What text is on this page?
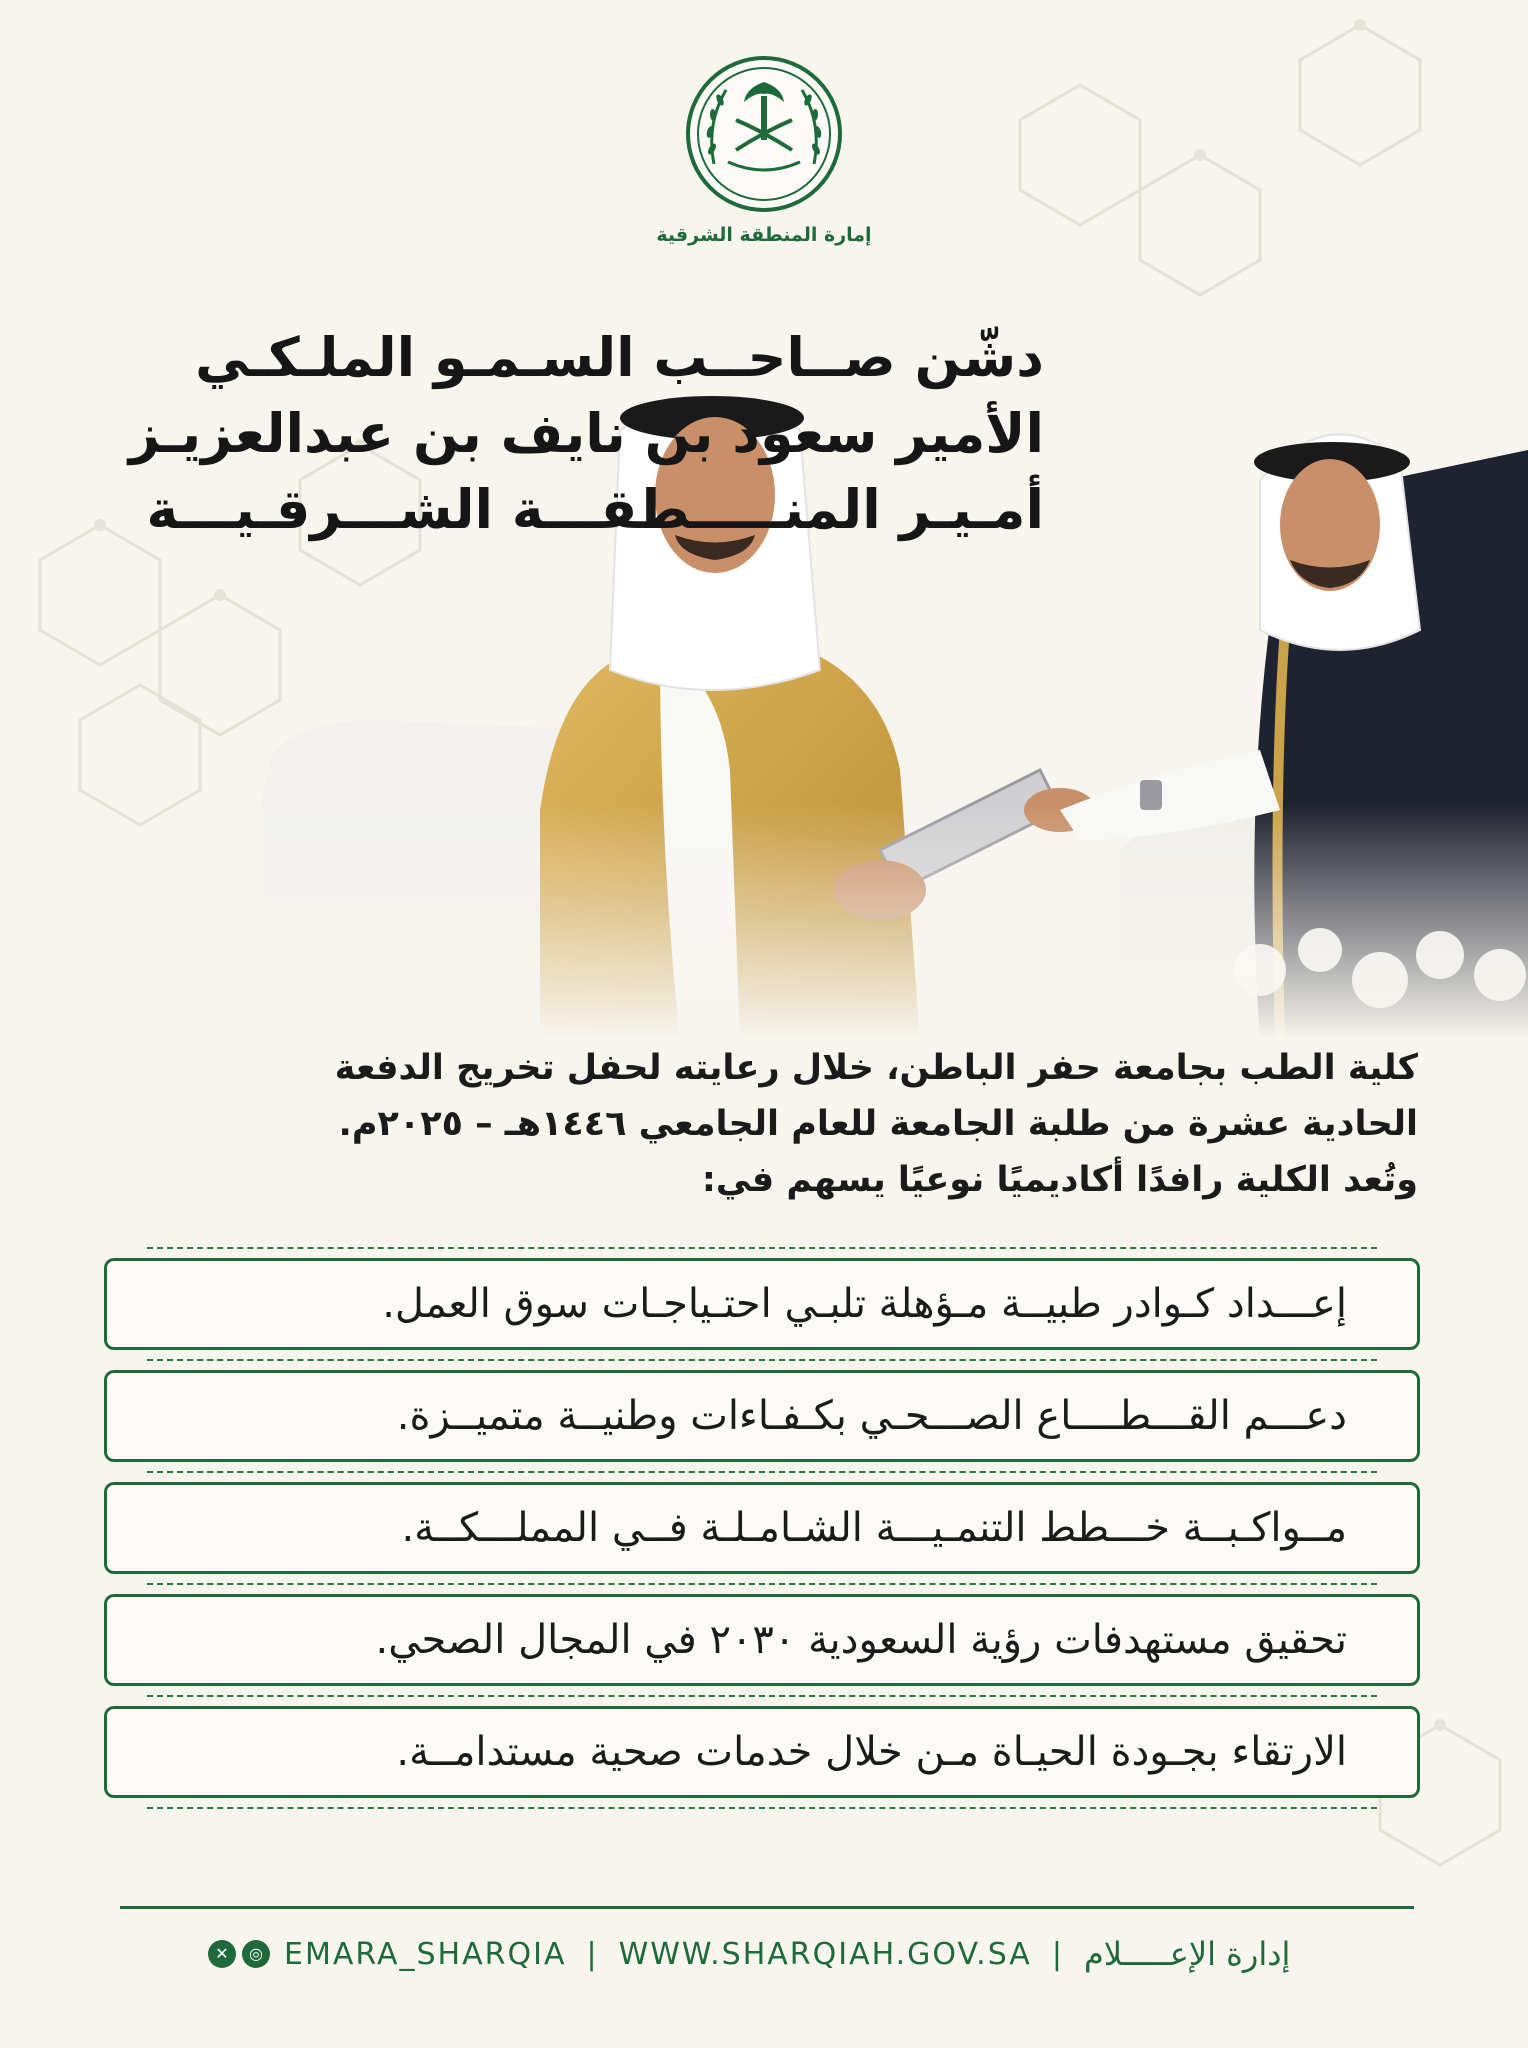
إمارة المنطقة الشرقية
دشّن صــاحــب السـمـو الملـكـي
الأمير سعود بن نايف بن عبدالعزيـز
أمـيـر المنـــــطقـــة الشـــرقـيـــة
كلية الطب بجامعة حفر الباطن، خلال رعايته لحفل تخريج الدفعة
الحادية عشرة من طلبة الجامعة للعام الجامعي ١٤٤٦هـ – ٢٠٢٥م.
وتُعد الكلية رافدًا أكاديميًا نوعيًا يسهم في:
إعـــداد كـوادر طبيــة مـؤهلة تلبـي احتـياجـات سوق العمل.
دعـــم القـــطــــاع الصـــحـي بكـفـاءات وطنيــة متميــزة.
مــواكـبــة خـــطط التنمـيـــة الشـامـلـة فــي المملـــكــة.
تحقيق مستهدفات رؤية السعودية ٢٠٣٠ في المجال الصحي.
الارتقاء بجـودة الحيـاة مـن خلال خدمات صحية مستدامــة.
✕	◎ EMARA_SHARQIA | WWW.SHARQIAH.GOV.SA | إدارة الإعـــــلام
